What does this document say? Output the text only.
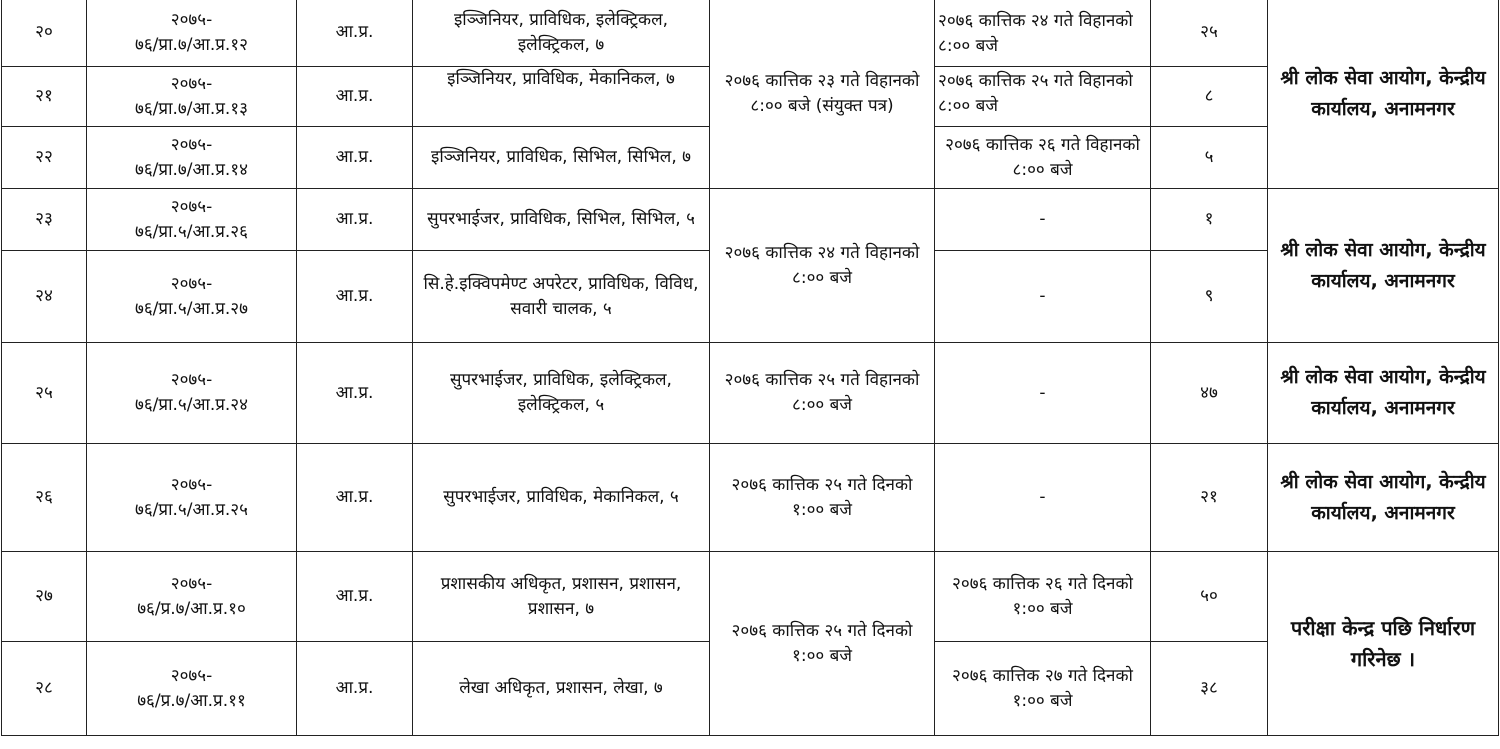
२०	२०७५-
७६/प्रा.७/आ.प्र.१२	आ.प्र.	इञ्जिनियर, प्राविधिक, इलेक्ट्रिकल, इलेक्ट्रिकल, ७	२०७६ कात्तिक २३ गते विहानको ८:०० बजे (संयुक्त पत्र)	२०७६ कात्तिक २४ गते विहानको ८:०० बजे	२५	श्री लोक सेवा आयोग, केन्द्रीय कार्यालय, अनामनगर
२१	२०७५-
७६/प्रा.७/आ.प्र.१३	आ.प्र.	इञ्जिनियर, प्राविधिक, मेकानिकल, ७		२०७६ कात्तिक २५ गते विहानको ८:०० बजे	८	
२२	२०७५-
७६/प्रा.७/आ.प्र.१४	आ.प्र.	इञ्जिनियर, प्राविधिक, सिभिल, सिभिल, ७		२०७६ कात्तिक २६ गते विहानको ८:०० बजे	५	
२३	२०७५-
७६/प्रा.५/आ.प्र.२६	आ.प्र.	सुपरभाईजर, प्राविधिक, सिभिल, सिभिल, ५	२०७६ कात्तिक २४ गते विहानको ८:०० बजे	-	१	श्री लोक सेवा आयोग, केन्द्रीय कार्यालय, अनामनगर
२४	२०७५-
७६/प्रा.५/आ.प्र.२७	आ.प्र.	सि.हे.इक्विपमेण्ट अपरेटर, प्राविधिक, विविध, सवारी चालक, ५		-	९	
२५	२०७५-
७६/प्रा.५/आ.प्र.२४	आ.प्र.	सुपरभाईजर, प्राविधिक, इलेक्ट्रिकल, इलेक्ट्रिकल, ५	२०७६ कात्तिक २५ गते विहानको ८:०० बजे	-	४७	श्री लोक सेवा आयोग, केन्द्रीय कार्यालय, अनामनगर
२६	२०७५-
७६/प्रा.५/आ.प्र.२५	आ.प्र.	सुपरभाईजर, प्राविधिक, मेकानिकल, ५	२०७६ कात्तिक २५ गते दिनको १:०० बजे	-	२१	श्री लोक सेवा आयोग, केन्द्रीय कार्यालय, अनामनगर
२७	२०७५-
७६/प्र.७/आ.प्र.१०	आ.प्र.	प्रशासकीय अधिकृत, प्रशासन, प्रशासन, प्रशासन, ७	२०७६ कात्तिक २५ गते दिनको १:०० बजे	२०७६ कात्तिक २६ गते दिनको १:०० बजे	५०	परीक्षा केन्द्र पछि निर्धारण गरिनेछ ।
२८	२०७५-
७६/प्र.७/आ.प्र.११	आ.प्र.	लेखा अधिकृत, प्रशासन, लेखा, ७		२०७६ कात्तिक २७ गते दिनको १:०० बजे	३८	
